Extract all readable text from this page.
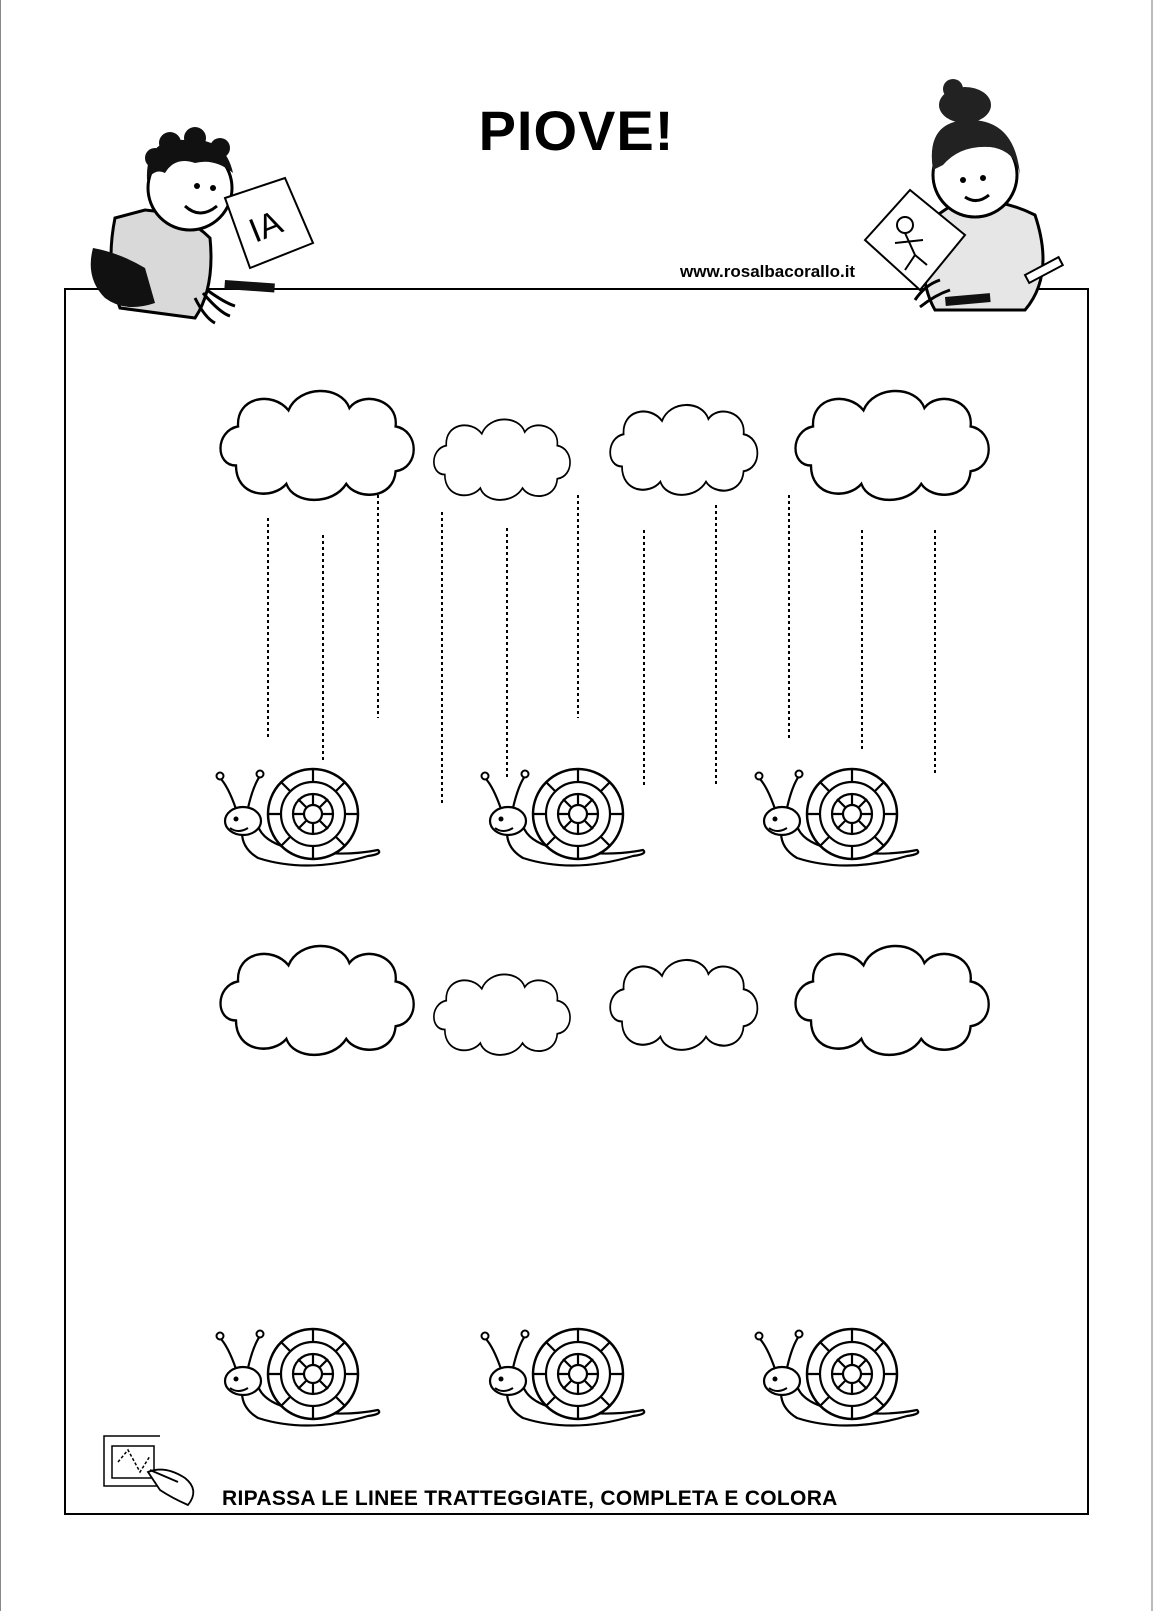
PIOVE!
www.rosalbacorallo.it
IA
RIPASSA LE LINEE TRATTEGGIATE, COMPLETA E COLORA
